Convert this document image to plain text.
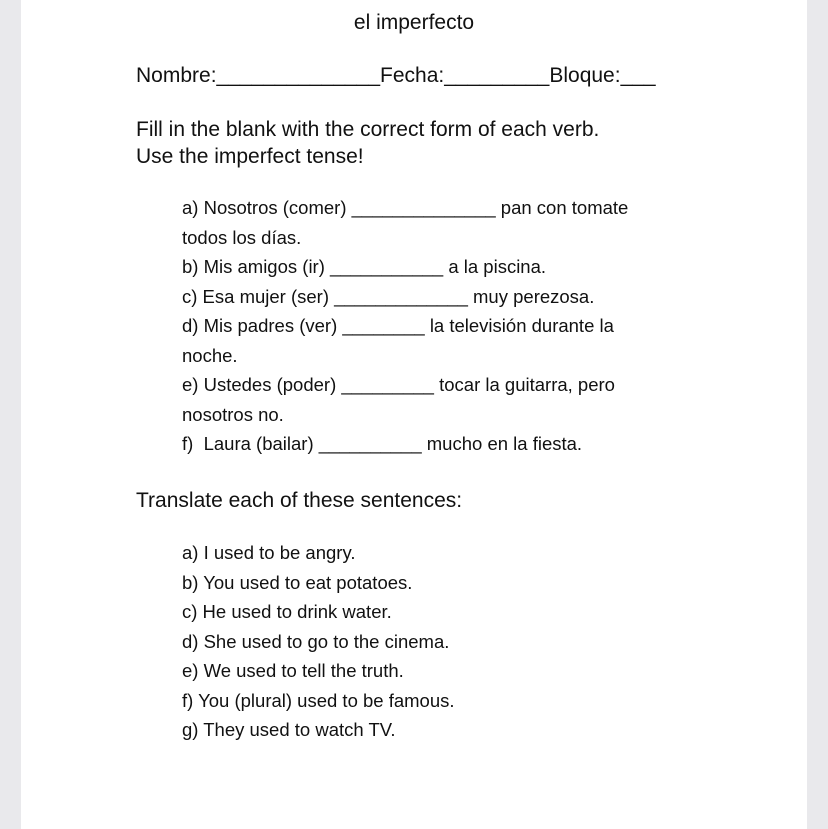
el imperfecto
Nombre:______________Fecha:_________Bloque:___
Fill in the blank with the correct form of each verb.
Use the imperfect tense!
a) Nosotros (comer) ______________ pan con tomate
todos los días.
b) Mis amigos (ir) ___________ a la piscina.
c) Esa mujer (ser) _____________ muy perezosa.
d) Mis padres (ver) ________ la televisión durante la
noche.
e) Ustedes (poder) _________ tocar la guitarra, pero
nosotros no.
f)  Laura (bailar) __________ mucho en la fiesta.
Translate each of these sentences:
a) I used to be angry.
b) You used to eat potatoes.
c) He used to drink water.
d) She used to go to the cinema.
e) We used to tell the truth.
f) You (plural) used to be famous.
g) They used to watch TV.
